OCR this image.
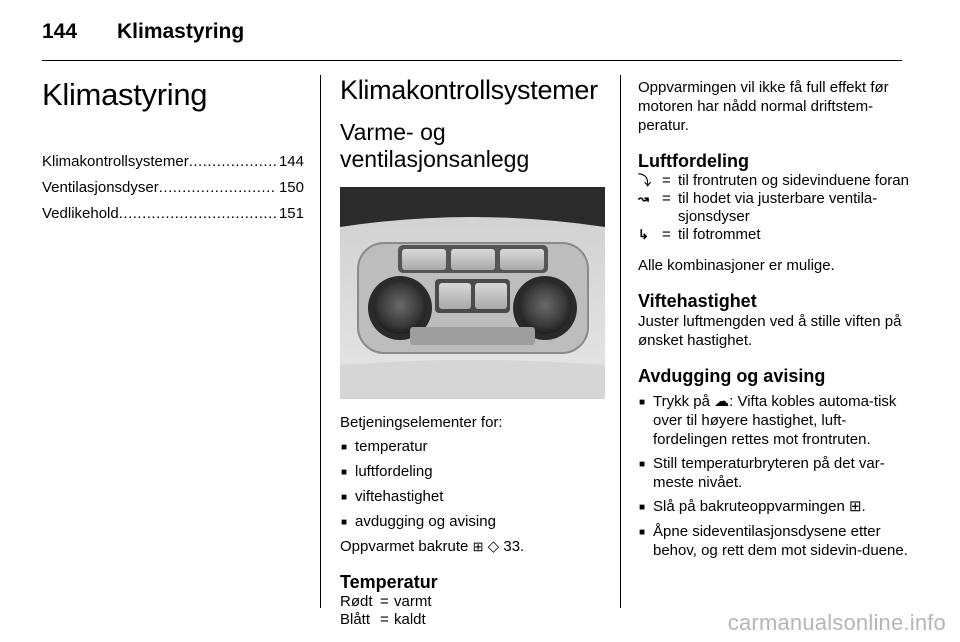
144	Klimastyring
Klimastyring
Klimakontrollsystemer .....	144
Ventilasjonsdyser .....	150
Vedlikehold .....	151
Klimakontrollsystemer
Varme- og
ventilasjonsanlegg
Betjeningselementer for:
■ temperatur
■ luftfordeling
■ viftehastighet
■ avdugging og avising
Oppvarmet bakrute ⊞ ◇ 33.
Temperatur
Rødt = varmt
Blått = kaldt
Oppvarmingen vil ikke få full effekt før motoren har nådd normal driftstem-peratur.
Luftfordeling
⤵ = til frontruten og sidevinduene foran
↝ = til hodet via justerbare ventila-sjonsdyser
↳ = til fotrommet
Alle kombinasjoner er mulige.
Viftehastighet
Juster luftmengden ved å stille viften på ønsket hastighet.
Avdugging og avising
■ Trykk på ☁: Vifta kobles automa-tisk over til høyere hastighet, luft-fordelingen rettes mot frontruten.
■ Still temperaturbryteren på det var-meste nivået.
■ Slå på bakruteoppvarmingen ⊞.
■ Åpne sideventilasjonsdysene etter behov, og rett dem mot sidevin-duene.
carmanualsonline.info
